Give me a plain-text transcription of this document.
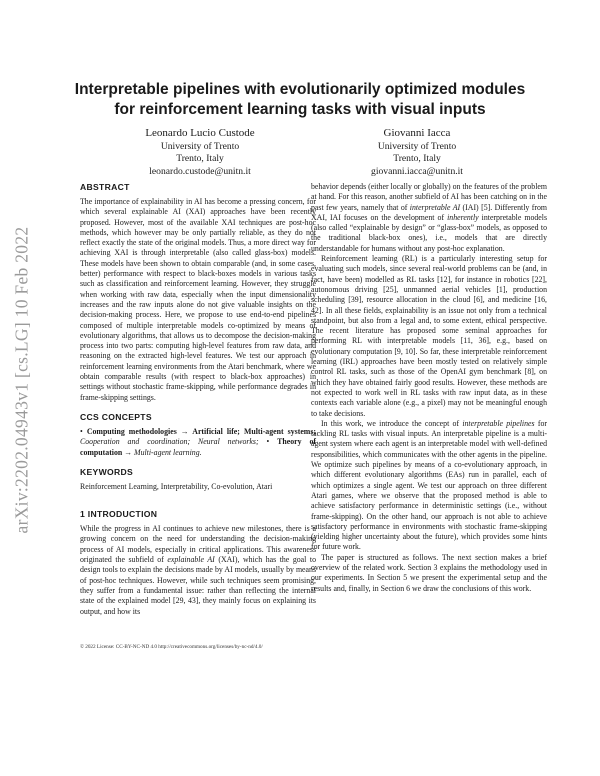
arXiv:2202.04943v1 [cs.LG] 10 Feb 2022
Interpretable pipelines with evolutionarily optimized modules
for reinforcement learning tasks with visual inputs
Leonardo Lucio Custode
University of Trento
Trento, Italy
leonardo.custode@unitn.it
Giovanni Iacca
University of Trento
Trento, Italy
giovanni.iacca@unitn.it
ABSTRACT

The importance of explainability in AI has become a pressing concern, for which several explainable AI (XAI) approaches have been recently proposed. However, most of the available XAI techniques are post-hoc methods, which however may be only partially reliable, as they do not reflect exactly the state of the original models. Thus, a more direct way for achieving XAI is through interpretable (also called glass-box) models. These models have been shown to obtain comparable (and, in some cases, better) performance with respect to black-boxes models in various tasks such as classification and reinforcement learning. However, they struggle when working with raw data, especially when the input dimensionality increases and the raw inputs alone do not give valuable insights on the decision-making process. Here, we propose to use end-to-end pipelines composed of multiple interpretable models co-optimized by means of evolutionary algorithms, that allows us to decompose the decision-making process into two parts: computing high-level features from raw data, and reasoning on the extracted high-level features. We test our approach in reinforcement learning environments from the Atari benchmark, where we obtain comparable results (with respect to black-box approaches) in settings without stochastic frame-skipping, while performance degrades in frame-skipping settings.

CCS CONCEPTS

• Computing methodologies → Artificial life; Multi-agent systems; Cooperation and coordination; Neural networks; • Theory of computation → Multi-agent learning.

KEYWORDS

Reinforcement Learning, Interpretability, Co-evolution, Atari

1 INTRODUCTION

While the progress in AI continues to achieve new milestones, there is a growing concern on the need for understanding the decision-making process of AI models, especially in critical applications. This awareness originated the subfield of explainable AI (XAI), which has the goal to design tools to explain the decisions made by AI models, usually by means of post-hoc techniques. However, while such techniques seem promising, they suffer from a fundamental issue: rather than reflecting the internal state of the explained model [29, 43], they mainly focus on explaining its output, and how its

behavior depends (either locally or globally) on the features of the problem at hand. For this reason, another subfield of AI has been catching on in the past few years, namely that of interpretable AI (IAI) [5]. Differently from XAI, IAI focuses on the development of inherently interpretable models (also called “explainable by design” or “glass-box” models, as opposed to the traditional black-box ones), i.e., models that are directly understandable for humans without any post-hoc explanation.

Reinforcement learning (RL) is a particularly interesting setup for evaluating such models, since several real-world problems can be (and, in fact, have been) modelled as RL tasks [12], for instance in robotics [22], autonomous driving [25], unmanned aerial vehicles [1], production scheduling [39], resource allocation in the cloud [6], and medicine [16, 42]. In all these fields, explainability is an issue not only from a technical standpoint, but also from a legal and, to some extent, ethical perspective. The recent literature has proposed some seminal approaches for performing RL with interpretable models [11, 36], e.g., based on evolutionary computation [9, 10]. So far, these interpretable reinforcement learning (IRL) approaches have been mostly tested on relatively simple control RL tasks, such as those of the OpenAI gym benchmark [8], on which they have obtained fairly good results. However, these methods are not expected to work well in RL tasks with raw input data, as in these contexts each variable alone (e.g., a pixel) may not be meaningful enough to take decisions.

In this work, we introduce the concept of interpretable pipelines for tackling RL tasks with visual inputs. An interpretable pipeline is a multi-agent system where each agent is an interpretable model with well-defined responsibilities, which communicates with the other agents in the pipeline. We optimize such pipelines by means of a co-evolutionary approach, in which different evolutionary algorithms (EAs) run in parallel, each of which optimizes a single agent. We test our approach on three different Atari games, where we observe that the proposed method is able to achieve satisfactory performance in deterministic settings (i.e., without frame-skipping). On the other hand, our approach is not able to achieve satisfactory performance in environments with stochastic frame-skipping (yielding higher uncertainty about the future), which provides some hints for future work.

The paper is structured as follows. The next section makes a brief overview of the related work. Section 3 explains the methodology used in our experiments. In Section 5 we present the experimental setup and the results and, finally, in Section 6 we draw the conclusions of this work.

© 2022 License: CC-BY-NC-ND 4.0 http://creativecommons.org/licenses/by-nc-nd/4.0/
